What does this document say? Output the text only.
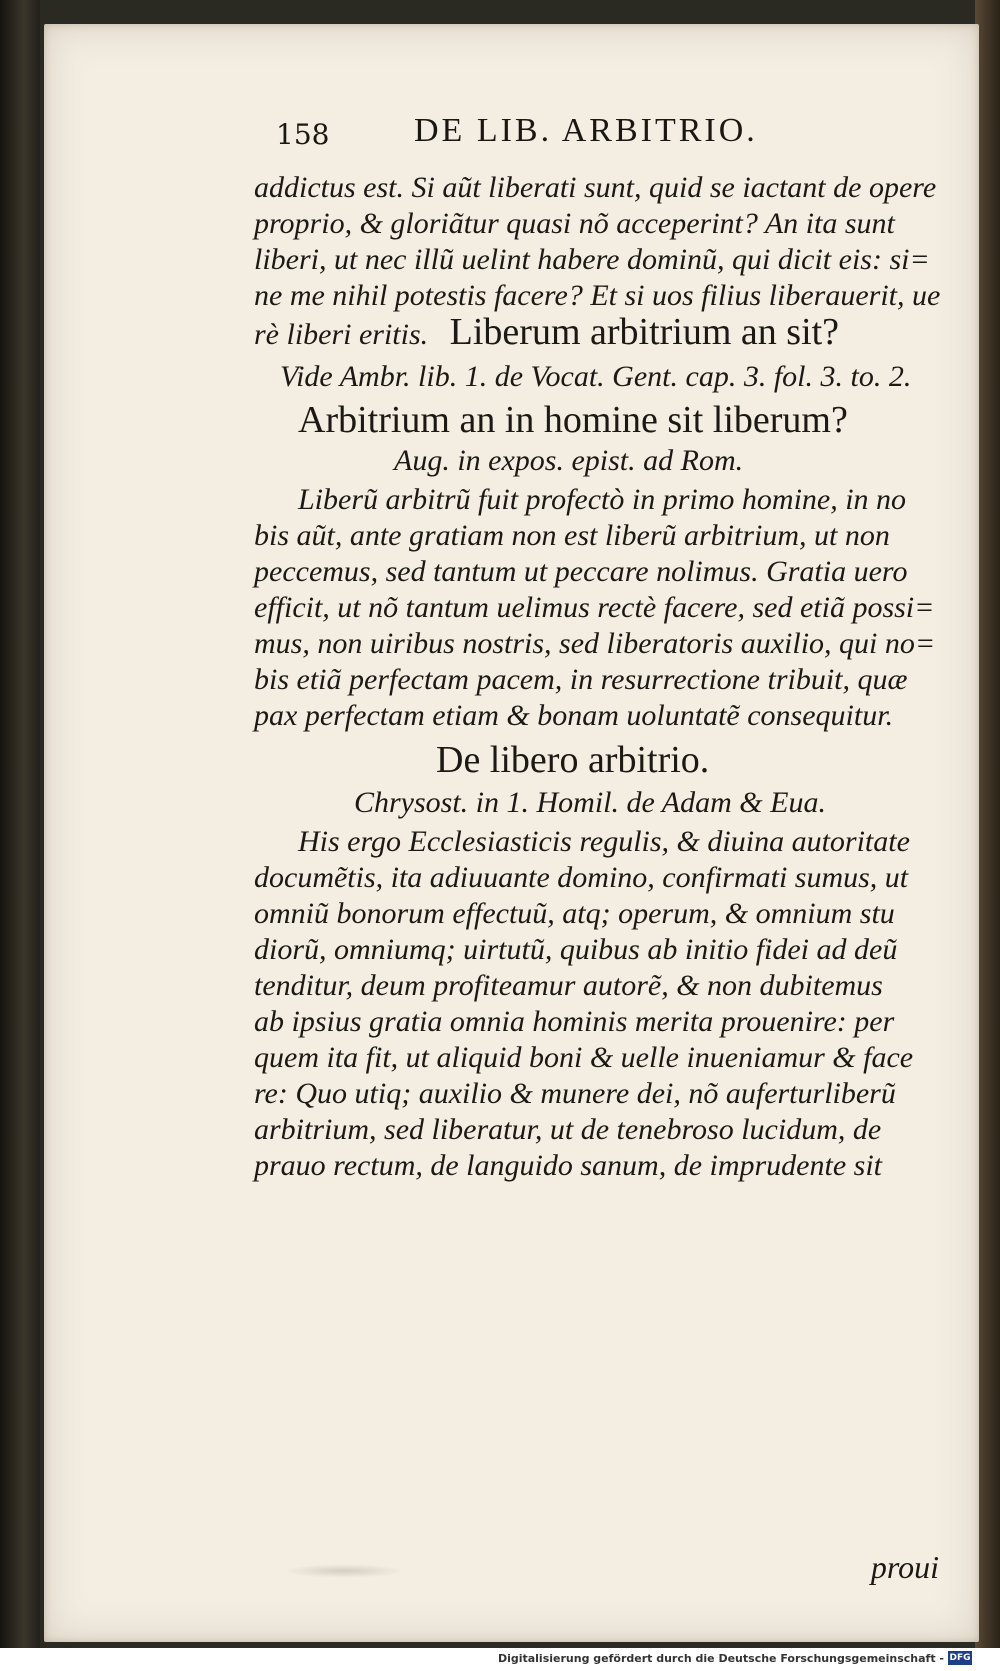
158 DE LIB. ARBITRIO.

addictus est. Si aũt liberati sunt, quid se iactant de opere

proprio, & gloriãtur quasi nõ acceperint? An ita sunt

liberi, ut nec illũ uelint habere dominũ, qui dicit eis: si=

ne me nihil potestis facere? Et si uos filius liberauerit, ue

rè liberi eritis. Liberum arbitrium an sit?

Vide Ambr. lib. 1. de Vocat. Gent. cap. 3. fol. 3. to. 2.

Arbitrium an in homine sit liberum?

Aug. in expos. epist. ad Rom.

Liberũ arbitrũ fuit profectò in primo homine, in no

bis aũt, ante gratiam non est liberũ arbitrium, ut non

peccemus, sed tantum ut peccare nolimus. Gratia uero

efficit, ut nõ tantum uelimus rectè facere, sed etiã possi=

mus, non uiribus nostris, sed liberatoris auxilio, qui no=

bis etiã perfectam pacem, in resurrectione tribuit, quæ

pax perfectam etiam & bonam uoluntatẽ consequitur.

De libero arbitrio.

Chrysost. in 1. Homil. de Adam & Eua.

His ergo Ecclesiasticis regulis, & diuina autoritate

documẽtis, ita adiuuante domino, confirmati sumus, ut

omniũ bonorum effectuũ, atq; operum, & omnium stu

diorũ, omniumq; uirtutũ, quibus ab initio fidei ad deũ

tenditur, deum profiteamur autorẽ, & non dubitemus

ab ipsius gratia omnia hominis merita prouenire: per

quem ita fit, ut aliquid boni & uelle inueniamur & face

re: Quo utiq; auxilio & munere dei, nõ auferturliberũ

arbitrium, sed liberatur, ut de tenebroso lucidum, de

prauo rectum, de languido sanum, de imprudente sit

proui
Digitalisierung gefördert durch die Deutsche Forschungsgemeinschaft - DFG
